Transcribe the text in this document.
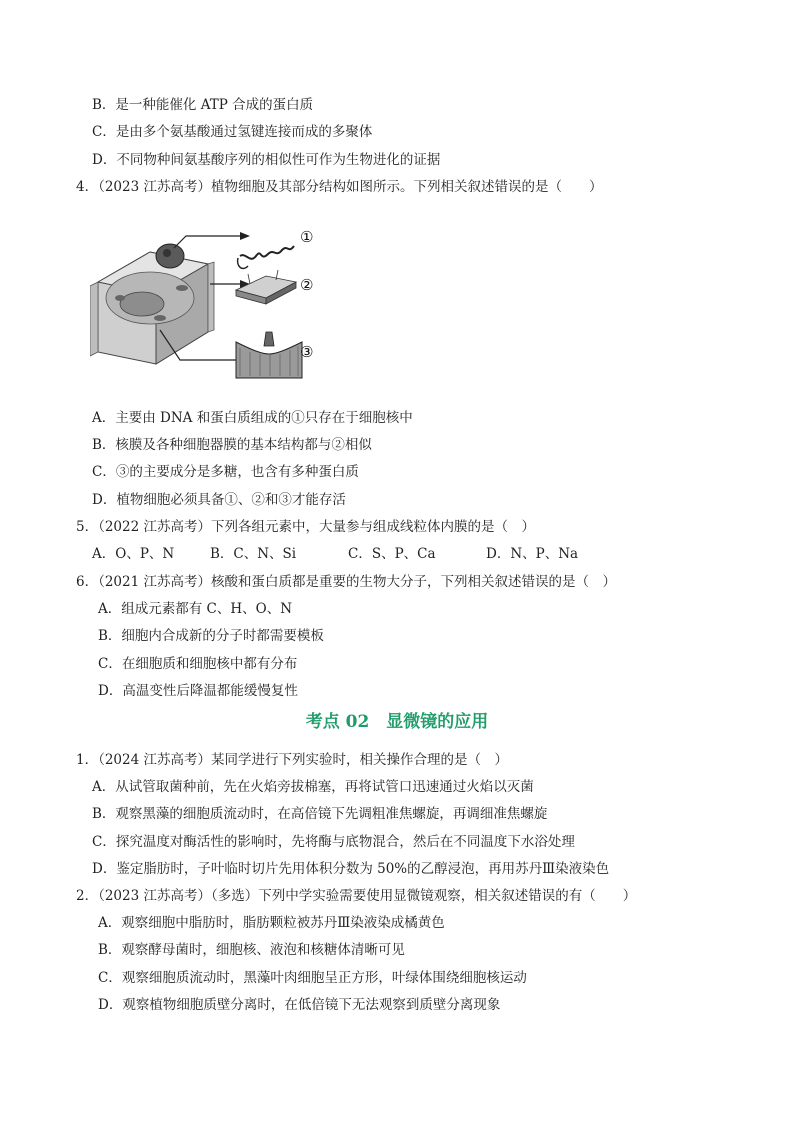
B．是一种能催化 ATP 合成的蛋白质
C．是由多个氨基酸通过氢键连接而成的多聚体
D．不同物种间氨基酸序列的相似性可作为生物进化的证据
4．（2023 江苏高考）植物细胞及其部分结构如图所示。下列相关叙述错误的是（　　）
①
②
③
A．主要由 DNA 和蛋白质组成的①只存在于细胞核中
B．核膜及各种细胞器膜的基本结构都与②相似
C．③的主要成分是多糖，也含有多种蛋白质
D．植物细胞必须具备①、②和③才能存活
5．（2022 江苏高考）下列各组元素中，大量参与组成线粒体内膜的是（　）
A．O、P、N	B．C、N、Si	C．S、P、Ca	D．N、P、Na
6．（2021 江苏高考）核酸和蛋白质都是重要的生物大分子，下列相关叙述错误的是（　）
A．组成元素都有 C、H、O、N
B．细胞内合成新的分子时都需要模板
C．在细胞质和细胞核中都有分布
D．高温变性后降温都能缓慢复性
考点 02　显微镜的应用
1．（2024 江苏高考）某同学进行下列实验时，相关操作合理的是（　）
A．从试管取菌种前，先在火焰旁拔棉塞，再将试管口迅速通过火焰以灭菌
B．观察黑藻的细胞质流动时，在高倍镜下先调粗准焦螺旋，再调细准焦螺旋
C．探究温度对酶活性的影响时，先将酶与底物混合，然后在不同温度下水浴处理
D．鉴定脂肪时，子叶临时切片先用体积分数为 50%的乙醇浸泡，再用苏丹Ⅲ染液染色
2．（2023 江苏高考）（多选）下列中学实验需要使用显微镜观察，相关叙述错误的有（　　）
A．观察细胞中脂肪时，脂肪颗粒被苏丹Ⅲ染液染成橘黄色
B．观察酵母菌时，细胞核、液泡和核糖体清晰可见
C．观察细胞质流动时，黑藻叶肉细胞呈正方形，叶绿体围绕细胞核运动
D．观察植物细胞质壁分离时，在低倍镜下无法观察到质壁分离现象
